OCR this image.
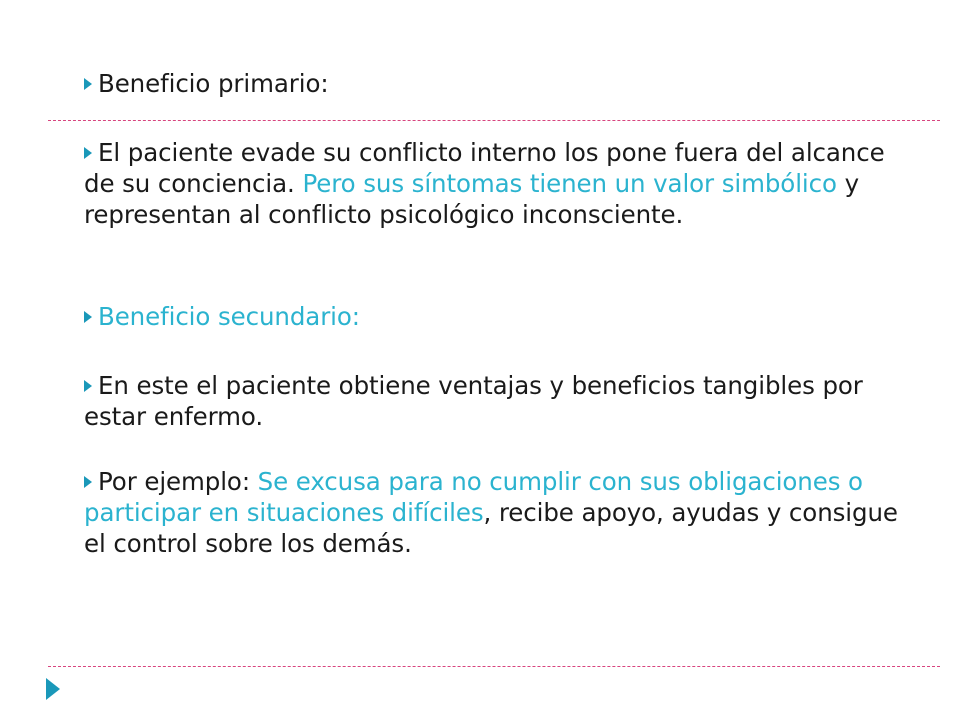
Beneficio primario:
El paciente evade su conflicto interno los pone fuera del alcance de su conciencia. Pero sus síntomas tienen un valor simbólico y representan al conflicto psicológico inconsciente.
Beneficio secundario:
En este el paciente obtiene ventajas y beneficios tangibles por estar enfermo.
Por ejemplo: Se excusa para no cumplir con sus obligaciones o participar en situaciones difíciles, recibe apoyo, ayudas y consigue el control sobre los demás.
